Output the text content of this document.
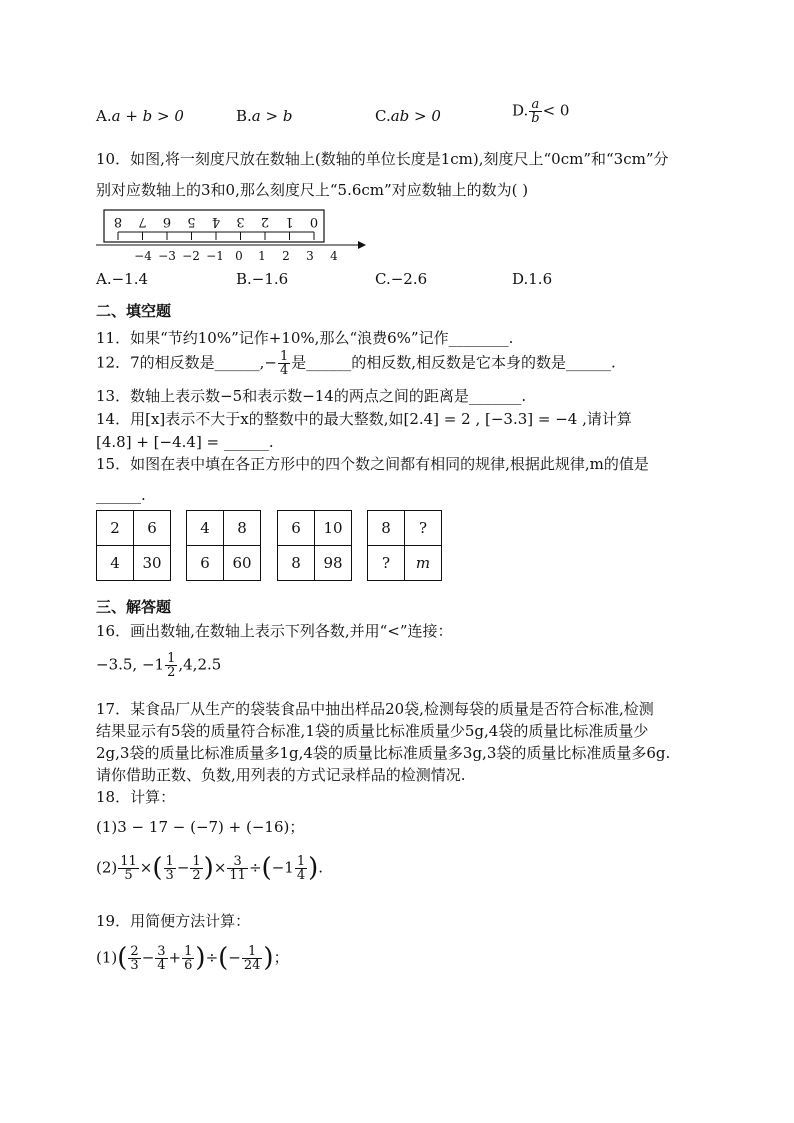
A.a + b > 0	B.a > b	C.ab > 0	D. $\frac{a}{b} < 0$
10．如图,将一刻度尺放在数轴上(数轴的单位长度是1cm),刻度尺上“0cm”和“3cm”分
别对应数轴上的3和0,那么刻度尺上“5.6cm”对应数轴上的数为( )
8 7 6 5 4 3 2 1 0
−4 −3 −2 −1 0 1 2 3 4
A.−1.4	B.−1.6	C.−2.6	D.1.6
二、填空题
11．如果“节约10%”记作+10%,那么“浪费6%”记作________.
12．7的相反数是______,− $\frac{1}{4}$ 是______的相反数,相反数是它本身的数是______.
13．数轴上表示数−5和表示数−14的两点之间的距离是_______.
14．用[x]表示不大于x的整数中的最大整数,如[2.4] = 2 , [−3.3] = −4 ,请计算
[4.8] + [−4.4] = ______.
15．如图在表中填在各正方形中的四个数之间都有相同的规律,根据此规律,m的值是
______.
2	6
4	30
4	8
6	60
6	10
8	98
8	?
?	m
三、解答题
16．画出数轴,在数轴上表示下列各数,并用“<”连接：
−3.5, $-1 \frac{1}{2} ,4,2.5$
17．某食品厂从生产的袋装食品中抽出样品20袋,检测每袋的质量是否符合标准,检测
结果显示有5袋的质量符合标准,1袋的质量比标准质量少5g,4袋的质量比标准质量少
2g,3袋的质量比标准质量多1g,4袋的质量比标准质量多3g,3袋的质量比标准质量多6g.
请你借助正数、负数,用列表的方式记录样品的检测情况.
18．计算：
(1)3 − 17 − (−7) + (−16)；
$(2) \frac{11}{5}$ ×( $\frac{1}{3} - \frac{1}{2}$ )× $\frac{3}{11} \div(-1 \frac{1}{4}$ ).
19．用简便方法计算：
$(1)( \frac{2}{3} - \frac{3}{4} + \frac{1}{6}$ )÷(− $\frac{1}{24}$ )；
